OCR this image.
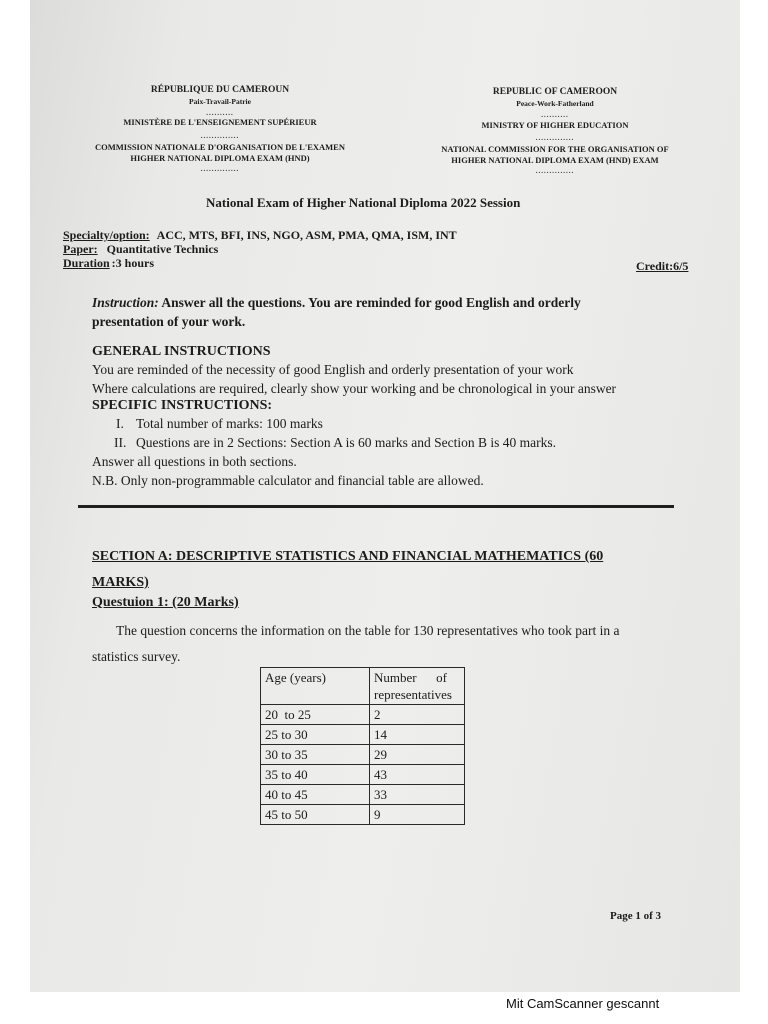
RÉPUBLIQUE DU CAMEROUN
Paix-Travail-Patrie
..........
MINISTÈRE DE L'ENSEIGNEMENT SUPÉRIEUR
..............
COMMISSION NATIONALE D'ORGANISATION DE L'EXAMEN
HIGHER NATIONAL DIPLOMA EXAM (HND)
..............
REPUBLIC OF CAMEROON
Peace-Work-Fatherland
..........
MINISTRY OF HIGHER EDUCATION
..............
NATIONAL COMMISSION FOR THE ORGANISATION OF
HIGHER NATIONAL DIPLOMA EXAM (HND) EXAM
..............
National Exam of Higher National Diploma 2022 Session
Specialty/option: ACC, MTS, BFI, INS, NGO, ASM, PMA, QMA, ISM, INT
Paper: Quantitative Technics
Duration :3 hours	Credit:6/5
Instruction: Answer all the questions. You are reminded for good English and orderly
presentation of your work.
GENERAL INSTRUCTIONS
You are reminded of the necessity of good English and orderly presentation of your work
Where calculations are required, clearly show your working and be chronological in your answer
SPECIFIC INSTRUCTIONS:
I. Total number of marks: 100 marks
II. Questions are in 2 Sections: Section A is 60 marks and Section B is 40 marks.
Answer all questions in both sections.
N.B. Only non-programmable calculator and financial table are allowed.
SECTION A: DESCRIPTIVE STATISTICS AND FINANCIAL MATHEMATICS (60
MARKS)
Questuion 1: (20 Marks)
The question concerns the information on the table for 130 representatives who took part in a
statistics survey.
Age (years)	Number      of
representatives

20  to 25	2
25 to 30	14
30 to 35	29
35 to 40	43
40 to 45	33
45 to 50	9
Page 1 of 3
Mit CamScanner gescannt
